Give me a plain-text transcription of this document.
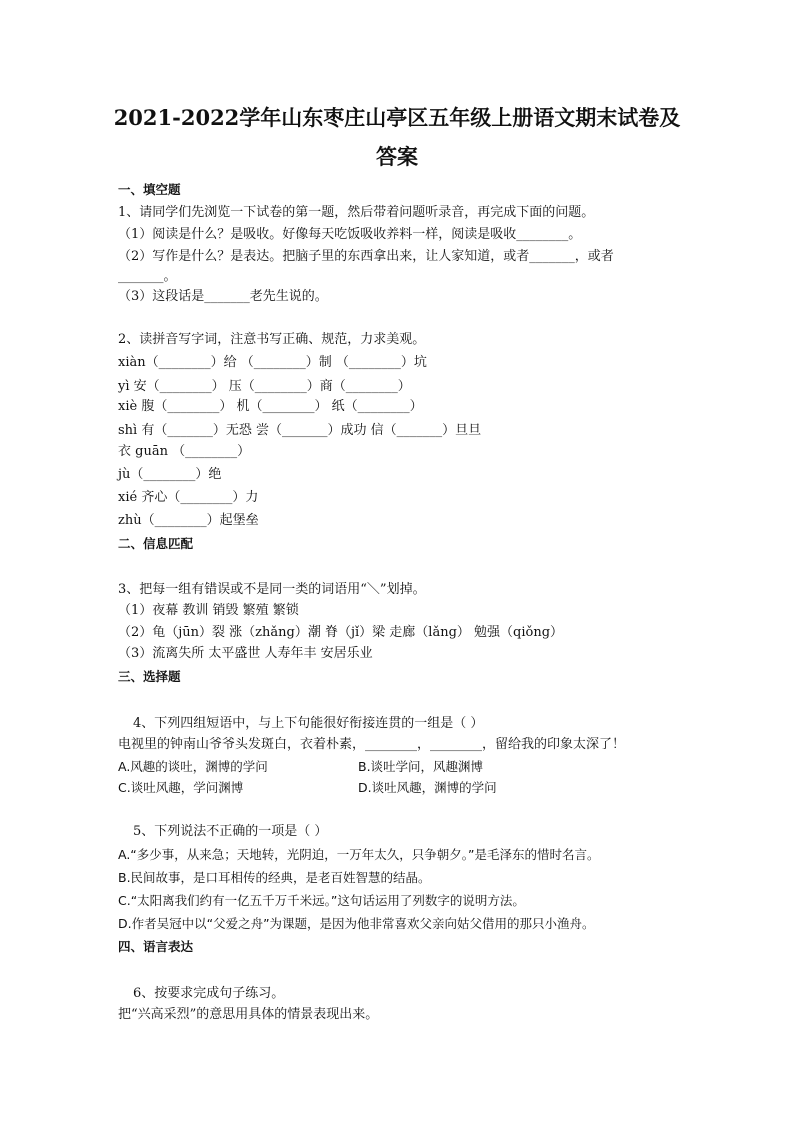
2021-2022学年山东枣庄山亭区五年级上册语文期末试卷及
答案
一、填空题
1、请同学们先浏览一下试卷的第一题，然后带着问题听录音，再完成下面的问题。
（1）阅读是什么？是吸收。好像每天吃饭吸收养料一样，阅读是吸收________。
（2）写作是什么？是表达。把脑子里的东西拿出来，让人家知道，或者_______，或者
_______。
（3）这段话是_______老先生说的。
2、读拼音写字词，注意书写正确、规范，力求美观。
xiàn（________）给 （________）制 （________）坑
yì 安（________） 压（________）商（________）
xiè 腹（________） 机（________） 纸（________）
shì 有（_______）无恐 尝（_______）成功 信（_______）旦旦
衣 guān （________）
jù（________）绝
xié 齐心（________）力
zhù（________）起堡垒
二、信息匹配
3、把每一组有错误或不是同一类的词语用“＼”划掉。
（1）夜幕 教训 销毁 繁殖 繁锁
（2）龟（jūn）裂 涨（zhǎng）潮 脊（jǐ）梁 走廊（lǎng） 勉强（qiǒng）
（3）流离失所 太平盛世 人寿年丰 安居乐业
三、选择题
4、下列四组短语中，与上下句能很好衔接连贯的一组是（ ）
电视里的钟南山爷爷头发斑白，衣着朴素，________，________，留给我的印象太深了！
A.风趣的谈吐，渊博的学问	B.谈吐学问，风趣渊博
C.谈吐风趣，学问渊博	D.谈吐风趣，渊博的学问
5、下列说法不正确的一项是（ ）
A.“多少事，从来急；天地转，光阴迫，一万年太久，只争朝夕。”是毛泽东的惜时名言。
B.民间故事，是口耳相传的经典，是老百姓智慧的结晶。
C.“太阳离我们约有一亿五千万千米远。”这句话运用了列数字的说明方法。
D.作者吴冠中以“父爱之舟”为课题，是因为他非常喜欢父亲向姑父借用的那只小渔舟。
四、语言表达
6、按要求完成句子练习。
把“兴高采烈”的意思用具体的情景表现出来。
